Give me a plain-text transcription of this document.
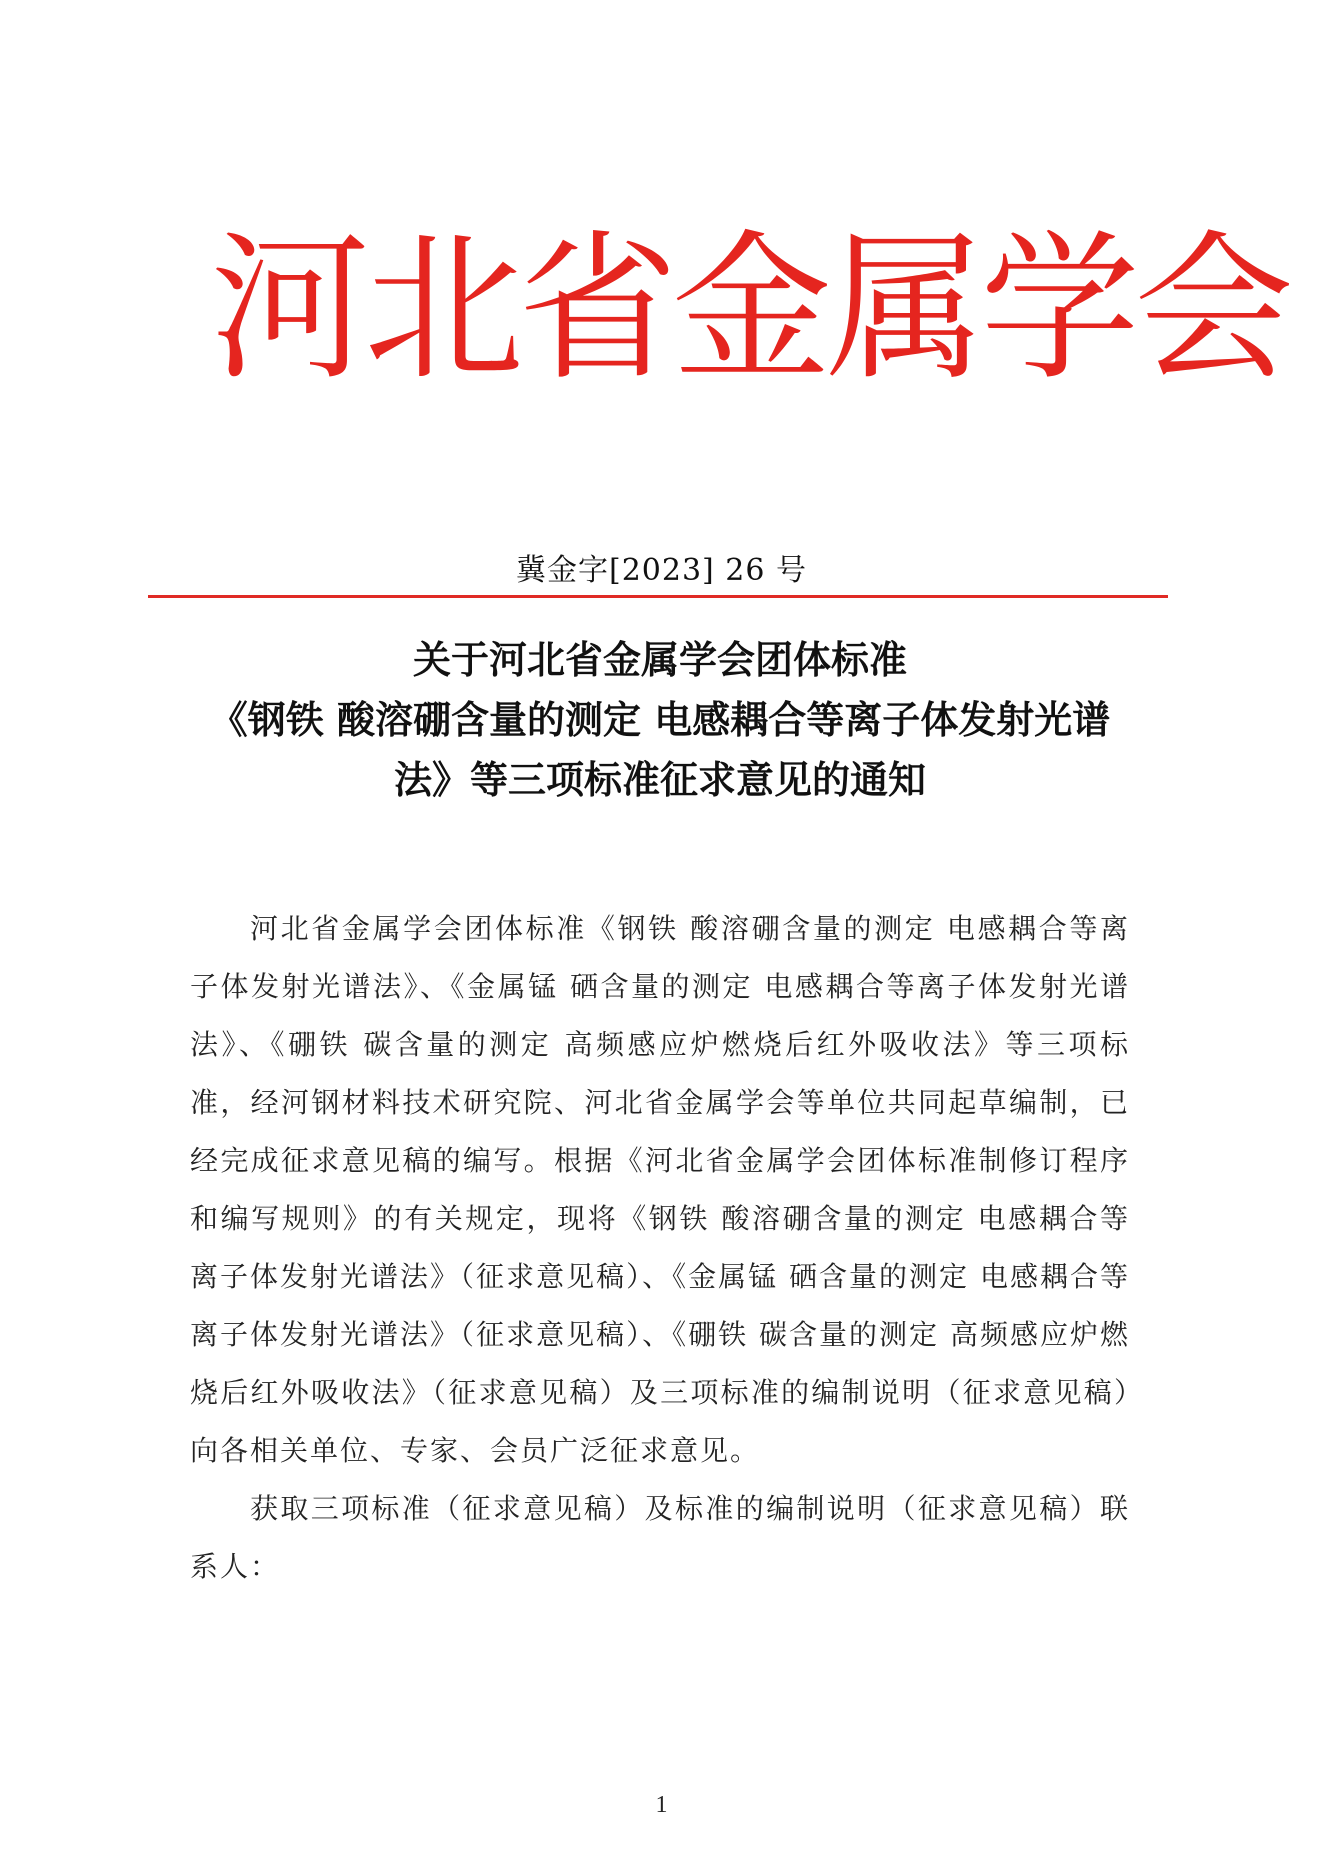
河北省金属学会
冀金字[2023] 26 号
关于河北省金属学会团体标准
《钢铁 酸溶硼含量的测定 电感耦合等离子体发射光谱
法》等三项标准征求意见的通知

河北省金属学会团体标准《钢铁 酸溶硼含量的测定 电感耦合等离子体发射光谱法》、《金属锰 硒含量的测定 电感耦合等离子体发射光谱法》、《硼铁 碳含量的测定 高频感应炉燃烧后红外吸收法》等三项标准，经河钢材料技术研究院、河北省金属学会等单位共同起草编制，已经完成征求意见稿的编写。根据《河北省金属学会团体标准制修订程序和编写规则》的有关规定，现将《钢铁 酸溶硼含量的测定 电感耦合等离子体发射光谱法》（征求意见稿）、《金属锰 硒含量的测定 电感耦合等离子体发射光谱法》（征求意见稿）、《硼铁 碳含量的测定 高频感应炉燃烧后红外吸收法》（征求意见稿）及三项标准的编制说明（征求意见稿）向各相关单位、专家、会员广泛征求意见。

获取三项标准（征求意见稿）及标准的编制说明（征求意见稿）联系人：

1
